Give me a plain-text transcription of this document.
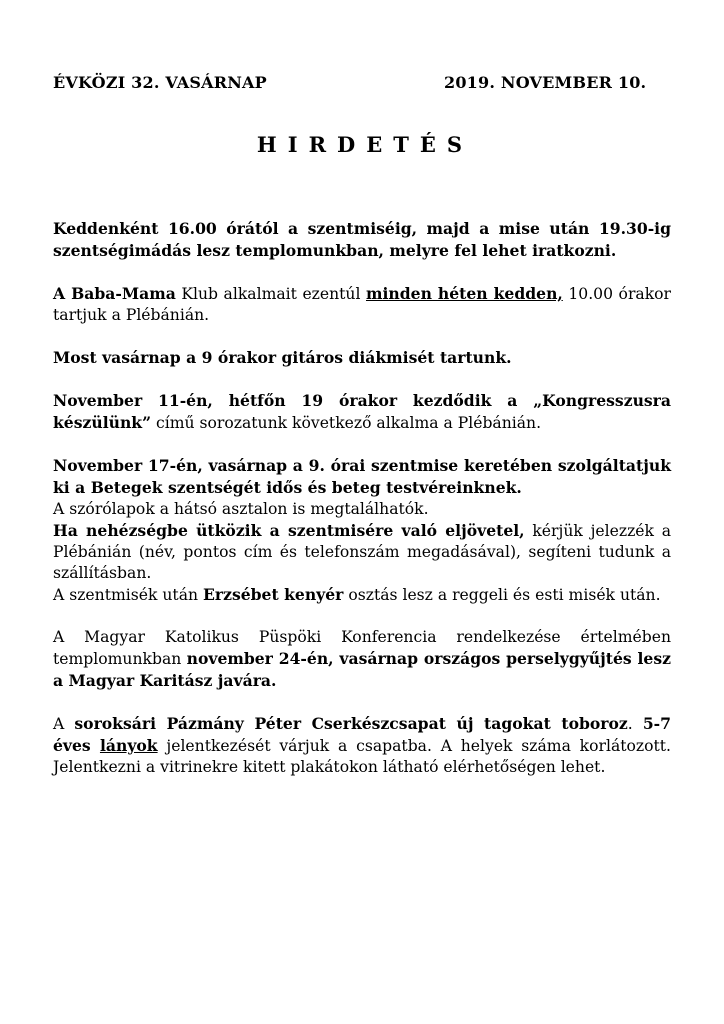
ÉVKÖZI 32. VASÁRNAP	2019. NOVEMBER 10.
HIRDETÉS

Keddenként 16.00 órától a szentmiséig, majd a mise után 19.30-ig szentségimádás lesz templomunkban, melyre fel lehet iratkozni.

A Baba-Mama Klub alkalmait ezentúl minden héten kedden, 10.00 órakor tartjuk a Plébánián.

Most vasárnap a 9 órakor gitáros diákmisét tartunk.

November 11-én, hétfőn 19 órakor kezdődik a „Kongresszusra készülünk” című sorozatunk következő alkalma a Plébánián.

November 17-én, vasárnap a 9. órai szentmise keretében szolgáltatjuk ki a Betegek szentségét idős és beteg testvéreinknek.
A szórólapok a hátsó asztalon is megtalálhatók.
Ha nehézségbe ütközik a szentmisére való eljövetel, kérjük jelezzék a Plébánián (név, pontos cím és telefonszám megadásával), segíteni tudunk a szállításban.
A szentmisék után Erzsébet kenyér osztás lesz a reggeli és esti misék után.

A Magyar Katolikus Püspöki Konferencia rendelkezése értelmében templomunkban november 24-én, vasárnap országos perselygyűjtés lesz a Magyar Karitász javára.

A soroksári Pázmány Péter Cserkészcsapat új tagokat toboroz. 5-7 éves lányok jelentkezését várjuk a csapatba. A helyek száma korlátozott. Jelentkezni a vitrinekre kitett plakátokon látható elérhetőségen lehet.
